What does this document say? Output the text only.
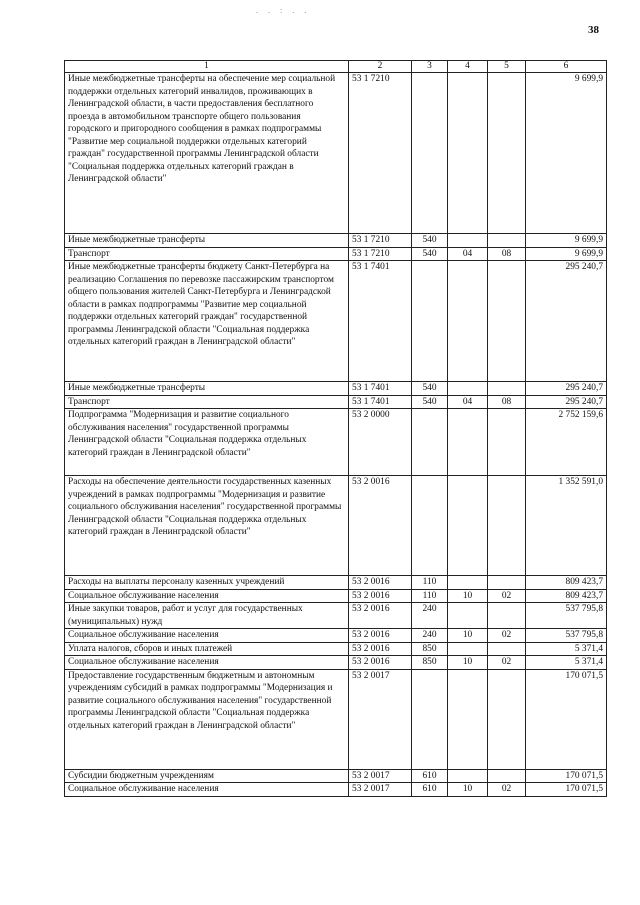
. . : . .
38
1	2	3	4	5	6
Иные межбюджетные трансферты на обеспечение мер социальной поддержки отдельных категорий инвалидов, проживающих в Ленинградской области, в части предоставления бесплатного проезда в автомобильном транспорте общего пользования городского и пригородного сообщения в рамках подпрограммы "Развитие мер социальной поддержки отдельных категорий граждан" государственной программы Ленинградской области "Социальная поддержка отдельных категорий граждан в Ленинградской области"	53 1 7210				9 699,9
Иные межбюджетные трансферты	53 1 7210	540			9 699,9
Транспорт	53 1 7210	540	04	08	9 699,9
Иные межбюджетные трансферты бюджету Санкт-Петербурга на реализацию Соглашения по перевозке пассажирским транспортом общего пользования жителей Санкт-Петербурга и Ленинградской области в рамках подпрограммы "Развитие мер социальной поддержки отдельных категорий граждан" государственной программы Ленинградской области "Социальная поддержка отдельных категорий граждан в Ленинградской области"	53 1 7401				295 240,7
Иные межбюджетные трансферты	53 1 7401	540			295 240,7
Транспорт	53 1 7401	540	04	08	295 240,7
Подпрограмма "Модернизация и развитие социального обслуживания населения" государственной программы Ленинградской области "Социальная поддержка отдельных категорий граждан в Ленинградской области"	53 2 0000				2 752 159,6
Расходы на обеспечение деятельности государственных казенных учреждений в рамках подпрограммы "Модернизация и развитие социального обслуживания населения" государственной программы Ленинградской области "Социальная поддержка отдельных категорий граждан в Ленинградской области"	53 2 0016				1 352 591,0
Расходы на выплаты персоналу казенных учреждений	53 2 0016	110			809 423,7
Социальное обслуживание населения	53 2 0016	110	10	02	809 423,7
Иные закупки товаров, работ и услуг для государственных (муниципальных) нужд	53 2 0016	240			537 795,8
Социальное обслуживание населения	53 2 0016	240	10	02	537 795,8
Уплата налогов, сборов и иных платежей	53 2 0016	850			5 371,4
Социальное обслуживание населения	53 2 0016	850	10	02	5 371,4
Предоставление государственным бюджетным и автономным учреждениям субсидий в рамках подпрограммы "Модернизация и развитие социального обслуживания населения" государственной программы Ленинградской области "Социальная поддержка отдельных категорий граждан в Ленинградской области"	53 2 0017				170 071,5
Субсидии бюджетным учреждениям	53 2 0017	610			170 071,5
Социальное обслуживание населения	53 2 0017	610	10	02	170 071,5
